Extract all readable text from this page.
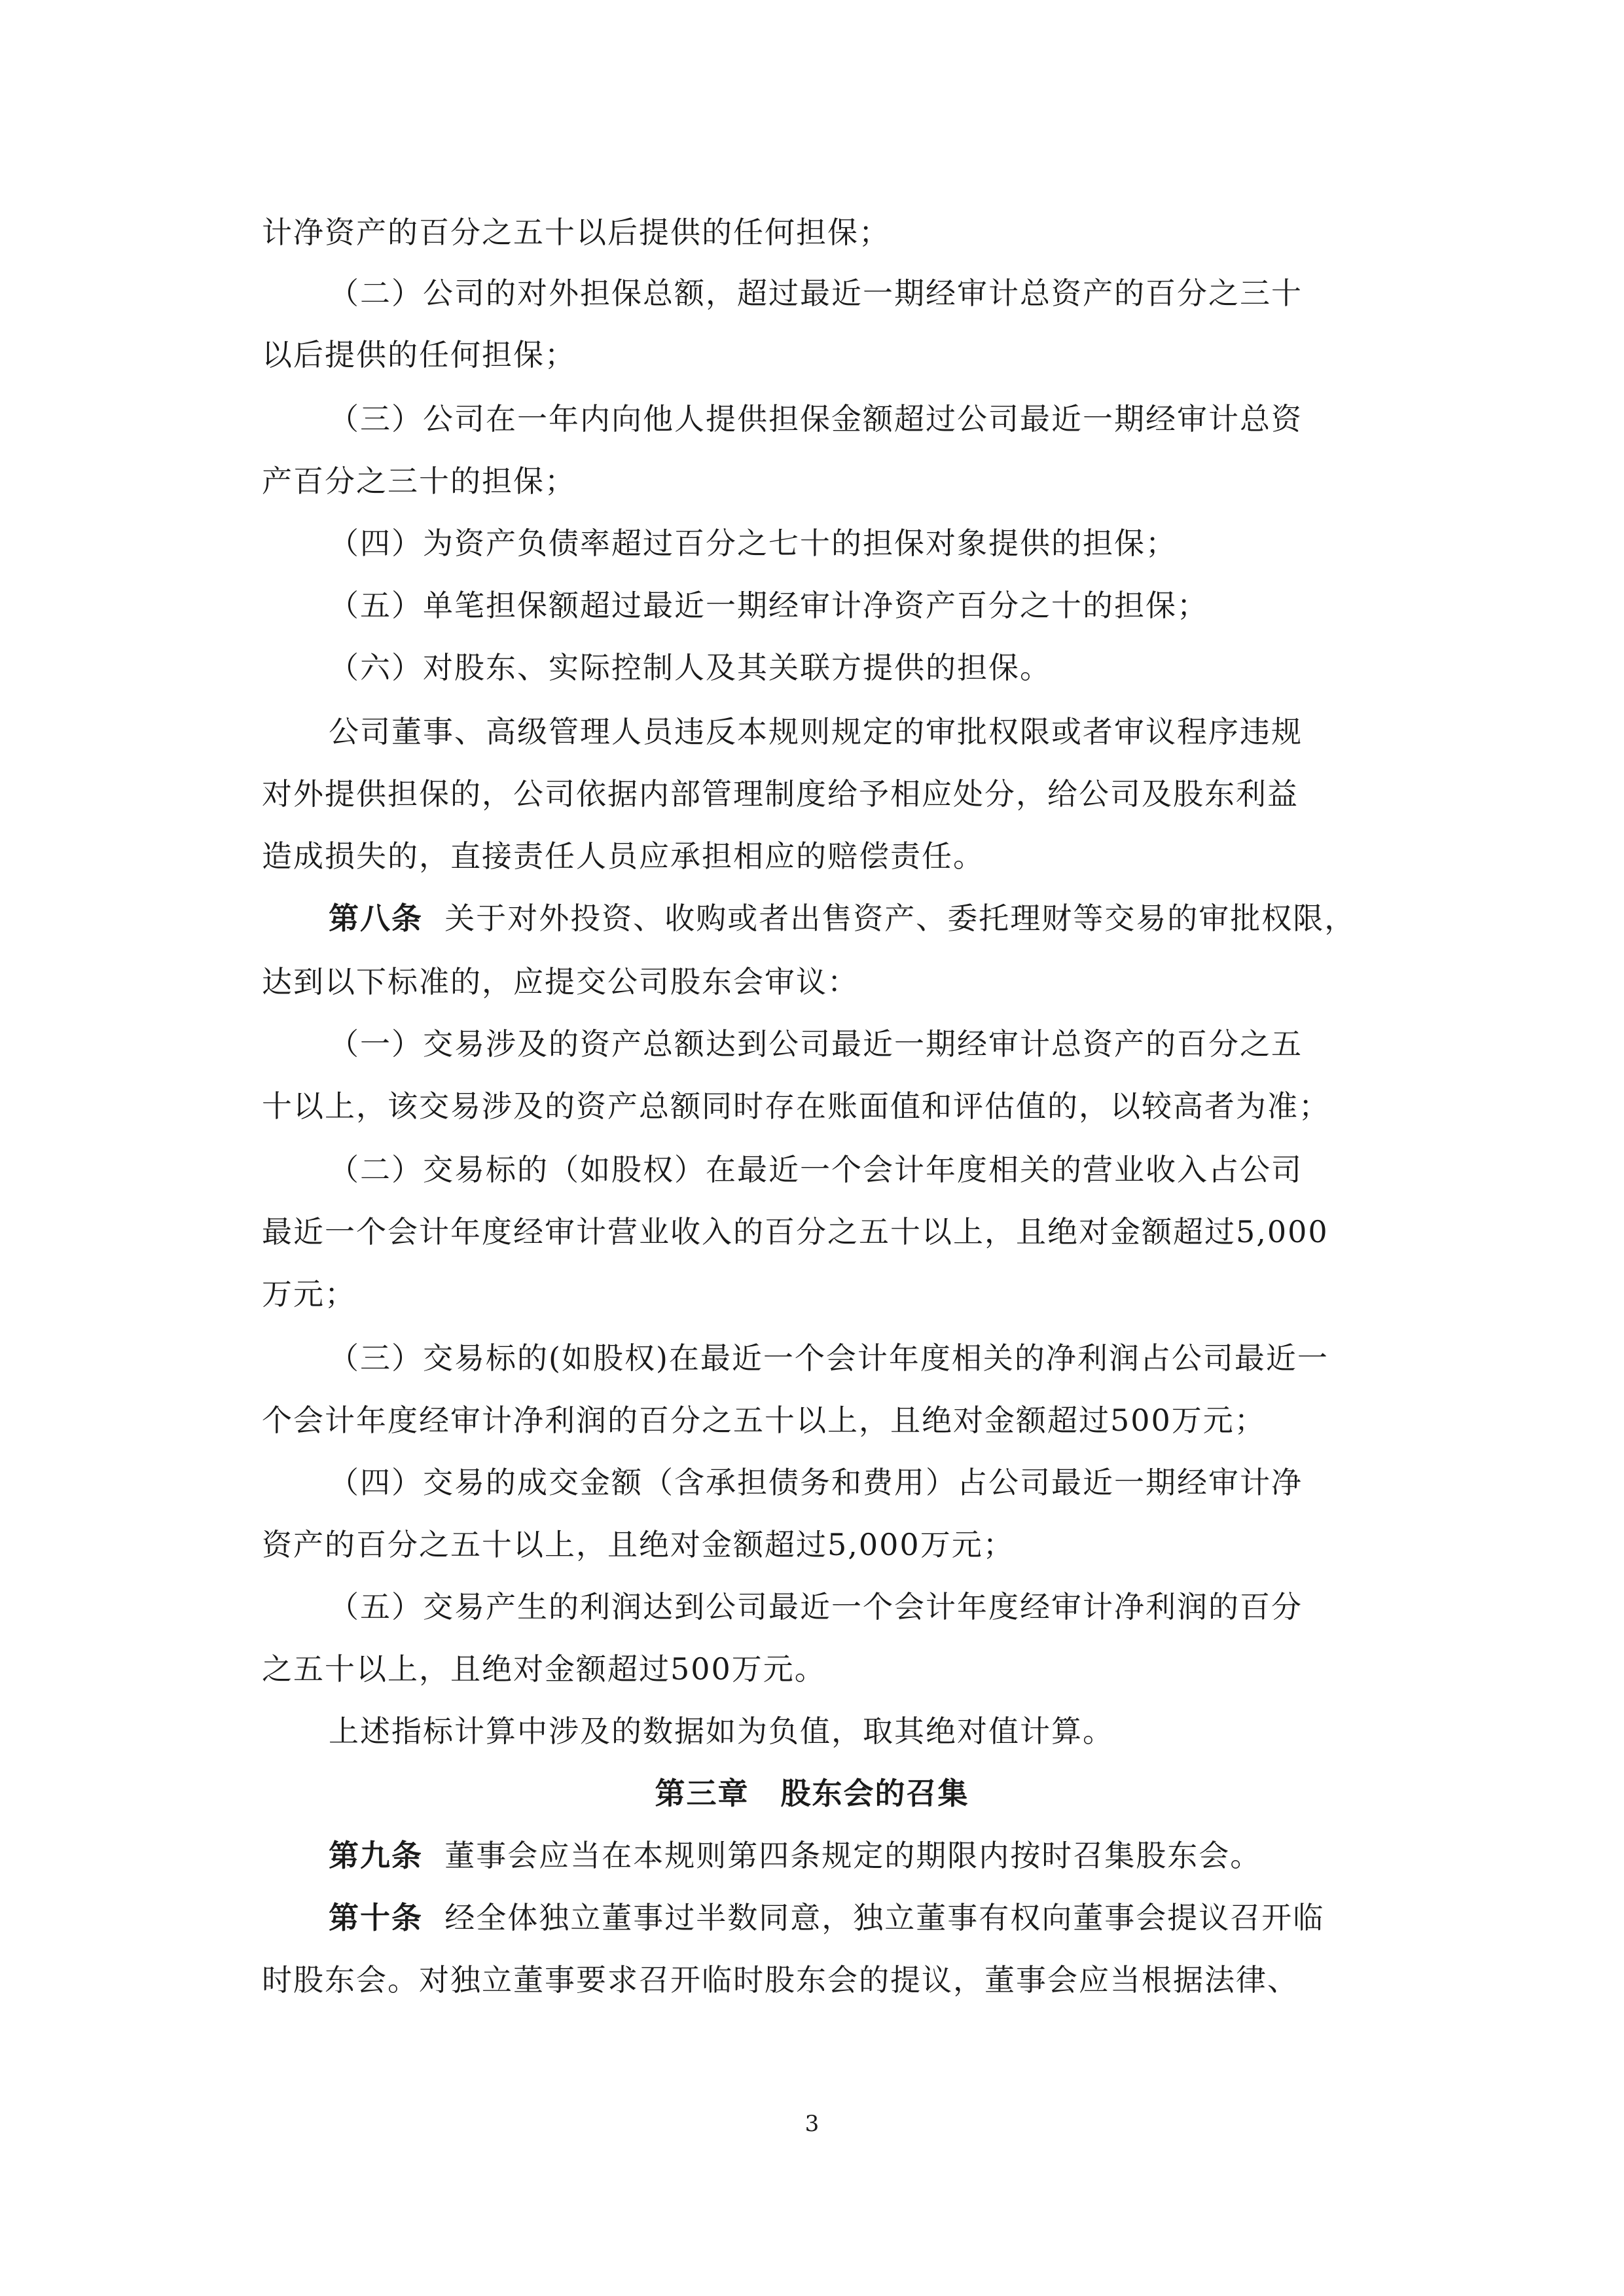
计净资产的百分之五十以后提供的任何担保；

（二）公司的对外担保总额，超过最近一期经审计总资产的百分之三十

以后提供的任何担保；

（三）公司在一年内向他人提供担保金额超过公司最近一期经审计总资

产百分之三十的担保；

（四）为资产负债率超过百分之七十的担保对象提供的担保；

（五）单笔担保额超过最近一期经审计净资产百分之十的担保；

（六）对股东、实际控制人及其关联方提供的担保。

公司董事、高级管理人员违反本规则规定的审批权限或者审议程序违规

对外提供担保的，公司依据内部管理制度给予相应处分，给公司及股东利益

造成损失的，直接责任人员应承担相应的赔偿责任。

第八条 关于对外投资、收购或者出售资产、委托理财等交易的审批权限，

达到以下标准的，应提交公司股东会审议：

（一）交易涉及的资产总额达到公司最近一期经审计总资产的百分之五

十以上，该交易涉及的资产总额同时存在账面值和评估值的，以较高者为准；

（二）交易标的（如股权）在最近一个会计年度相关的营业收入占公司

最近一个会计年度经审计营业收入的百分之五十以上，且绝对金额超过5,000

万元；

（三）交易标的(如股权)在最近一个会计年度相关的净利润占公司最近一

个会计年度经审计净利润的百分之五十以上，且绝对金额超过500万元；

（四）交易的成交金额（含承担债务和费用）占公司最近一期经审计净

资产的百分之五十以上，且绝对金额超过5,000万元；

（五）交易产生的利润达到公司最近一个会计年度经审计净利润的百分

之五十以上，且绝对金额超过500万元。

上述指标计算中涉及的数据如为负值，取其绝对值计算。

第三章　股东会的召集

第九条 董事会应当在本规则第四条规定的期限内按时召集股东会。

第十条 经全体独立董事过半数同意，独立董事有权向董事会提议召开临

时股东会。对独立董事要求召开临时股东会的提议，董事会应当根据法律、

3
